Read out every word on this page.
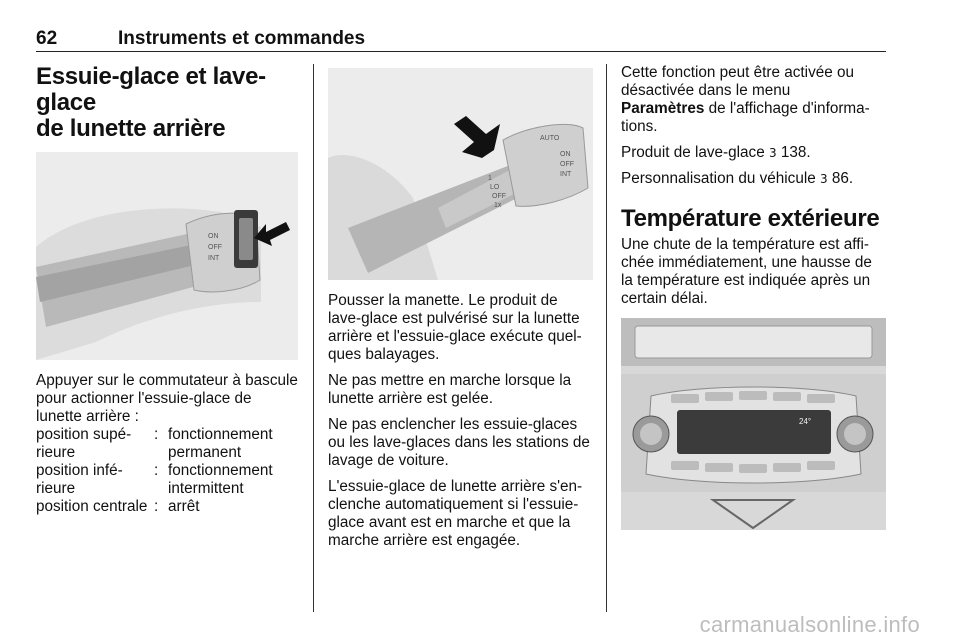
62	Instruments et commandes
Essuie-glace et lave-glace
de lunette arrière
ON
OFF
INT

Appuyer sur le commutateur à bascule pour actionner l'essuie-glace de lunette arrière :

position supé-rieure	:	fonctionnement permanent
position infé-rieure	:	fonctionnement intermittent
position centrale	:	arrêt
AUTO
1
LO
OFF
1x
ON
OFF
INT

Pousser la manette. Le produit de lave-glace est pulvérisé sur la lunette arrière et l'essuie-glace exécute quel-ques balayages.

Ne pas mettre en marche lorsque la lunette arrière est gelée.

Ne pas enclencher les essuie-glaces ou les lave-glaces dans les stations de lavage de voiture.

L'essuie-glace de lunette arrière s'en-clenche automatiquement si l'essuie-glace avant est en marche et que la marche arrière est engagée.

Cette fonction peut être activée ou désactivée dans le menu
Paramètres de l'affichage d'informa-tions.

Produit de lave-glace 3 138.

Personnalisation du véhicule 3 86.

Température extérieure

Une chute de la température est affi-chée immédiatement, une hausse de la température est indiquée après un certain délai.

24°
carmanualsonline.info
